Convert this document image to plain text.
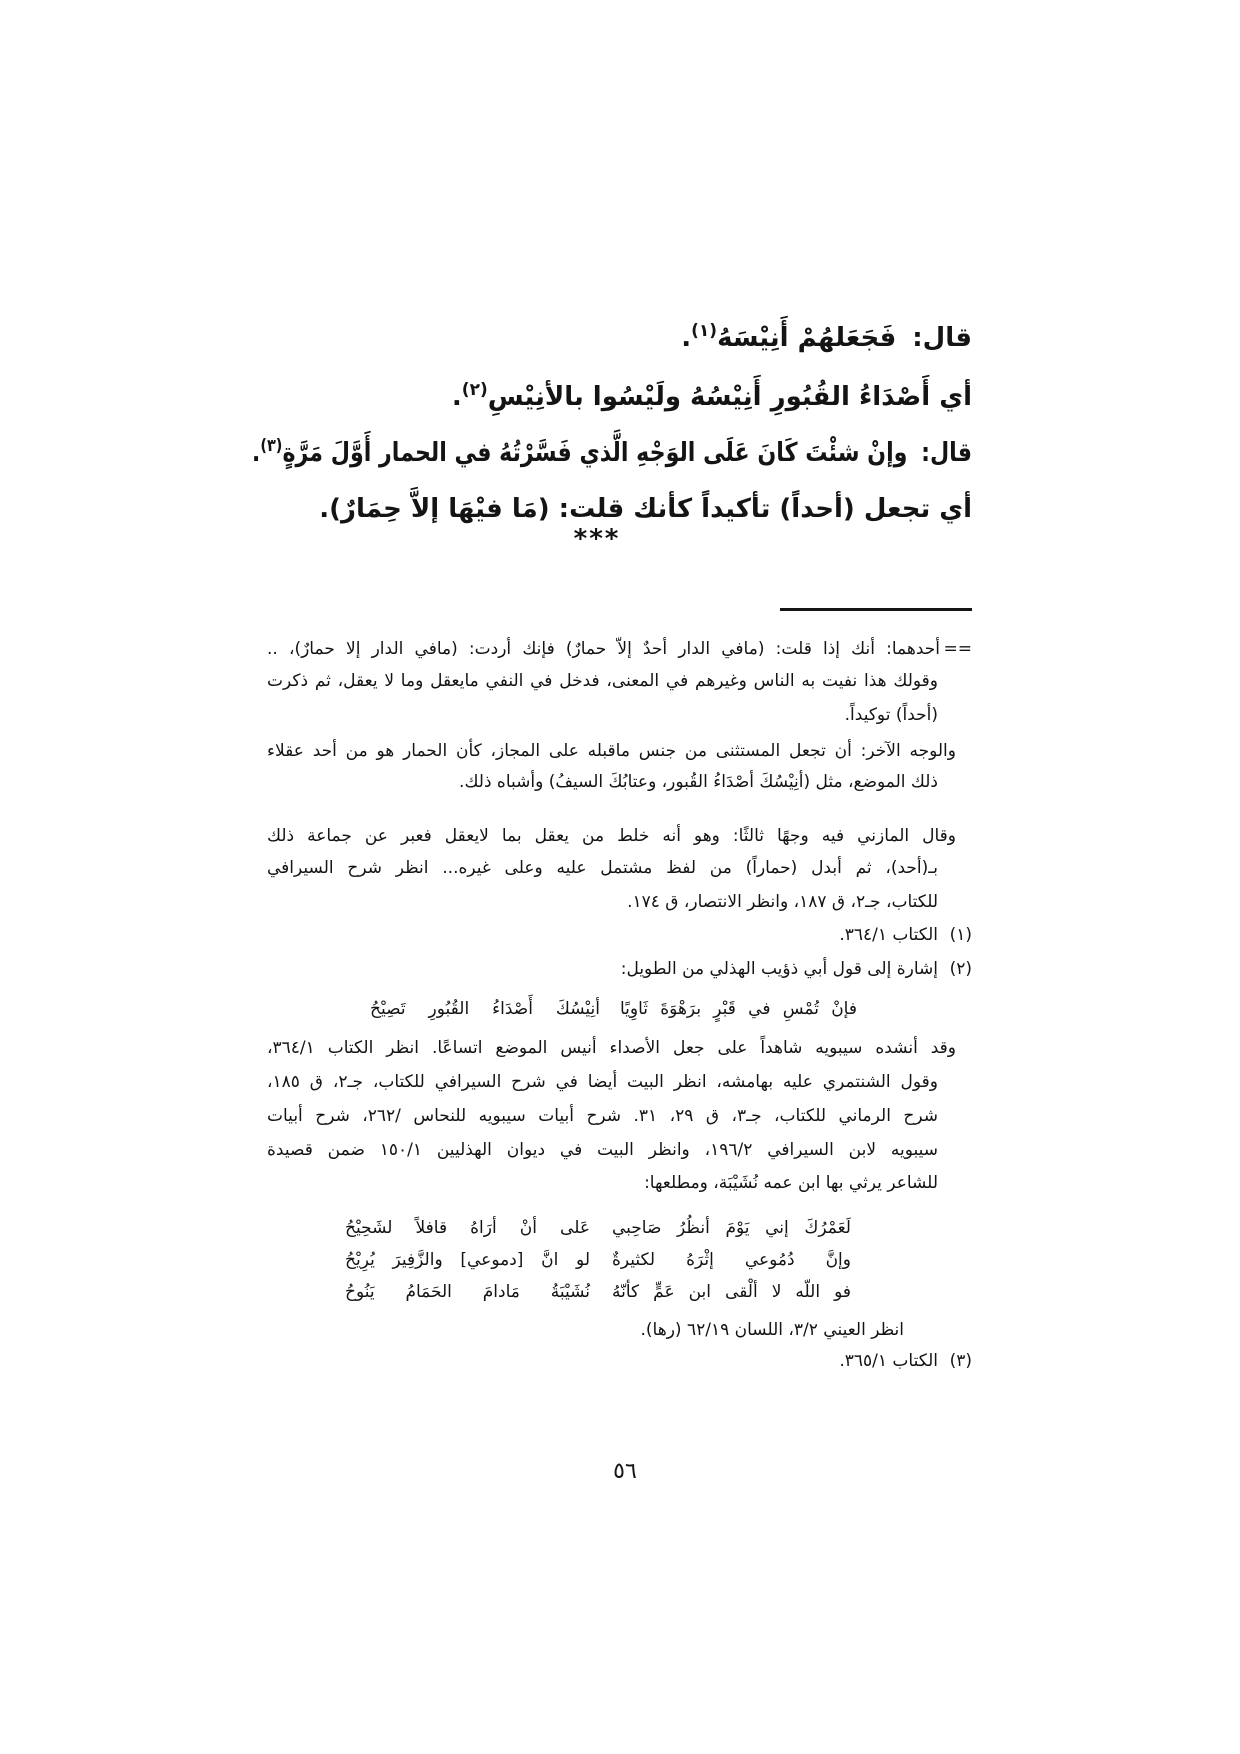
قال:فَجَعَلهُمْ أَنِيْسَهُ$^{(١)}$.
أي أَصْدَاءُ القُبُورِ أَنِيْسُهُ ولَيْسُوا بالأنِيْسِ$^{(٢)}$.
قال:وإنْ شئْتَ كَانَ عَلَى الوَجْهِ الَّذي فَسَّرْتُهُ في الحمار أَوَّلَ مَرَّةٍ$^{(٣)}$.
أي تجعل (أحداً) تأكيداً كأنك قلت: (مَا فيْهَا إلاَّ حِمَارٌ).
***
==
أحدهما: أنك إذا قلت: (مافي الدار أحدٌ إلاّ حمارٌ) فإنك أردت: (مافي الدار إلا حمارٌ)، ..
وقولك هذا نفيت به الناس وغيرهم في المعنى، فدخل في النفي مايعقل وما لا يعقل، ثم ذكرت
(أحداً) توكيداً.
والوجه الآخر: أن تجعل المستثنى من جنس ماقبله على المجاز، كأن الحمار هو من أحد عقلاء
ذلك الموضع، مثل (أنِيْسُكَ أصْدَاءُ القُبور، وعتابُكَ السيفُ) وأشباه ذلك.
وقال المازني فيه وجهًا ثالثًا: وهو أنه خلط من يعقل بما لايعقل فعبر عن جماعة ذلك
بـ(أحد)، ثم أبدل (حماراً) من لفظ مشتمل عليه وعلى غيره... انظر شرح السيرافي
للكتاب، جـ٢، ق ١٨٧، وانظر الانتصار، ق ١٧٤.
(١)
الكتاب ٣٦٤/١.
(٢)
إشارة إلى قول أبي ذؤيب الهذلي من الطويل:
فإنْ تُمْسِ في قَبْرٍ برَهْوَةَ ثَاوِيًا
أنِيْسُكَ أَصْدَاءُ القُبُورِ تَصِيْحُ
وقد أنشده سيبويه شاهداً على جعل الأصداء أنيس الموضع اتساعًا. انظر الكتاب ٣٦٤/١،
وقول الشنتمري عليه بهامشه، انظر البيت أيضا في شرح السيرافي للكتاب، جـ٢، ق ١٨٥،
شرح الرماني للكتاب، جـ٣، ق ٢٩، ٣١. شرح أبيات سيبويه للنحاس /٢٦٢، شرح أبيات
سيبويه لابن السيرافي ١٩٦/٢، وانظر البيت في ديوان الهذليين ١٥٠/١ ضمن قصيدة
للشاعر يرثي بها ابن عمه نُشَيْبَة، ومطلعها:
لَعَمْرُكَ إني يَوْمَ أنظُرُ صَاحِبي
عَلى أنْ أرَاهُ قافلاً لشَحِيْحُ
وإنَّ دُمُوعي إثْرَهُ لكثيرةٌ
لو انَّ [دموعي] والزَّفِيرَ يُرِيْحُ
فو اللّه لا ألْقى ابن عَمٍّ كأنّهُ
نُشَيْبَةُ مَادامَ الحَمَامُ يَنُوحُ
انظر العيني ٣/٢، اللسان ٦٢/١٩ (رها).
(٣)
الكتاب ٣٦٥/١.
٥٦
